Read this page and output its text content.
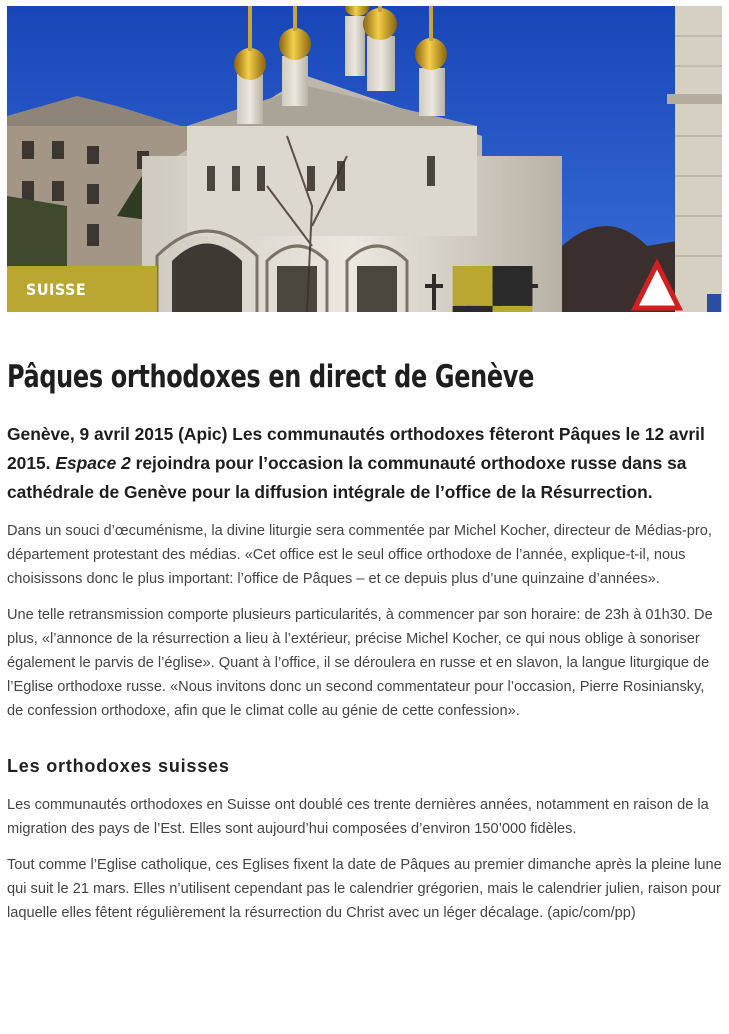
SUISSE
Pâques orthodoxes en direct de Genève

Genève, 9 avril 2015 (Apic) Les communautés orthodoxes fêteront Pâques le 12 avril 2015. Espace 2 rejoindra pour l’occasion la communauté orthodoxe russe dans sa cathédrale de Genève pour la diffusion intégrale de l’office de la Résurrection.

Dans un souci d’œcuménisme, la divine liturgie sera commentée par Michel Kocher, directeur de Médias-pro, département protestant des médias. «Cet office est le seul office orthodoxe de l’année, explique-t-il, nous choisissons donc le plus important: l’office de Pâques – et ce depuis plus d’une quinzaine d’années».

Une telle retransmission comporte plusieurs particularités, à commencer par son horaire: de 23h à 01h30. De plus, «l’annonce de la résurrection a lieu à l’extérieur, précise Michel Kocher, ce qui nous oblige à sonoriser également le parvis de l’église». Quant à l’office, il se déroulera en russe et en slavon, la langue liturgique de l’Eglise orthodoxe russe. «Nous invitons donc un second commentateur pour l’occasion, Pierre Rosiniansky, de confession orthodoxe, afin que le climat colle au génie de cette confession».

Les orthodoxes suisses

Les communautés orthodoxes en Suisse ont doublé ces trente dernières années, notamment en raison de la migration des pays de l’Est. Elles sont aujourd’hui composées d’environ 150’000 fidèles.

Tout comme l’Eglise catholique, ces Eglises fixent la date de Pâques au premier dimanche après la pleine lune qui suit le 21 mars. Elles n’utilisent cependant pas le calendrier grégorien, mais le calendrier julien, raison pour laquelle elles fêtent régulièrement la résurrection du Christ avec un léger décalage. (apic/com/pp)
